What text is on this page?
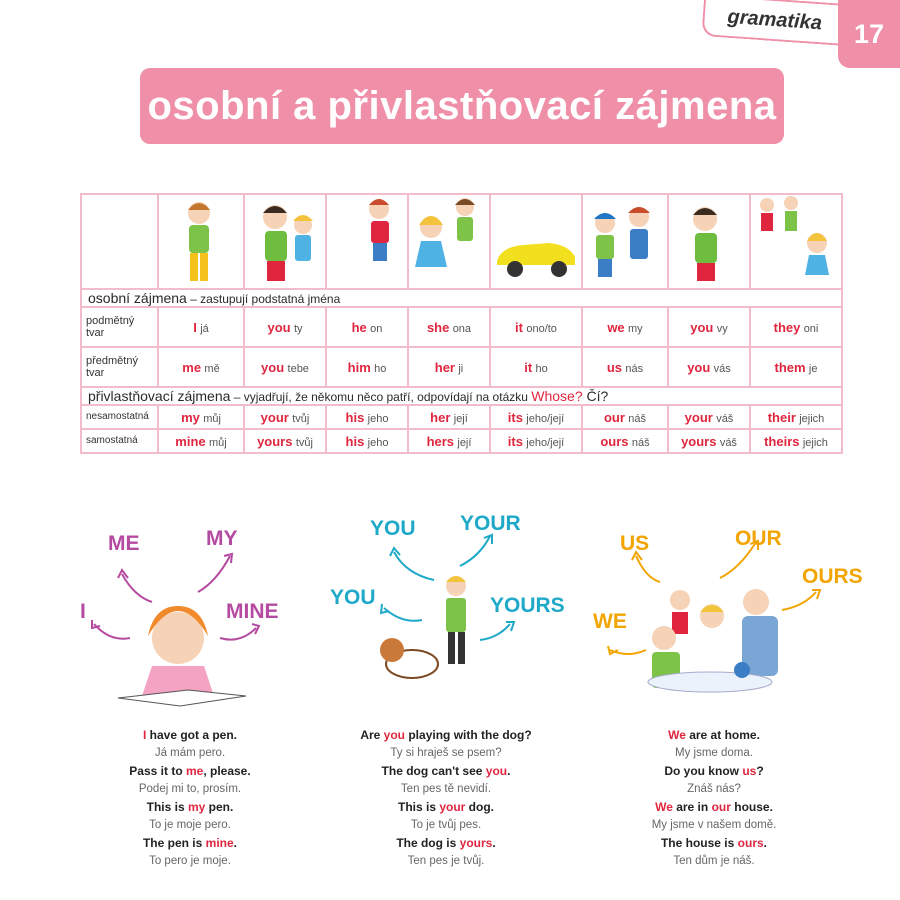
gramatika	17
osobní a přivlastňovací zájmena

osobní zájmena – zastupují podstatná jména								
podmětný tvar	I já	you ty	he on	she ona	it ono/to	we my	you vy	they oni
předmětný tvar	me mě	you tebe	him ho	her ji	it ho	us nás	you vás	them je
přivlastňovací zájmena – vyjadřují, že někomu něco patří, odpovídají na otázku Whose? Čí?								
nesamostatná	my můj	your tvůj	his jeho	her její	its jeho/její	our náš	your váš	their jejich
samostatná	mine můj	yours tvůj	his jeho	hers její	its jeho/její	ours náš	yours váš	theirs jejich
ME	MY
I	MINE
YOU YOUR
YOU	YOURS
US	OUR
OURS
WE
I have got a pen.
Já mám pero.
Pass it to me, please.
Podej mi to, prosím.
This is my pen.
To je moje pero.
The pen is mine.
To pero je moje.
Are you playing with the dog?
Ty si hraješ se psem?
The dog can't see you.
Ten pes tě nevidí.
This is your dog.
To je tvůj pes.
The dog is yours.
Ten pes je tvůj.
We are at home.
My jsme doma.
Do you know us?
Znáš nás?
We are in our house.
My jsme v našem domě.
The house is ours.
Ten dům je náš.
